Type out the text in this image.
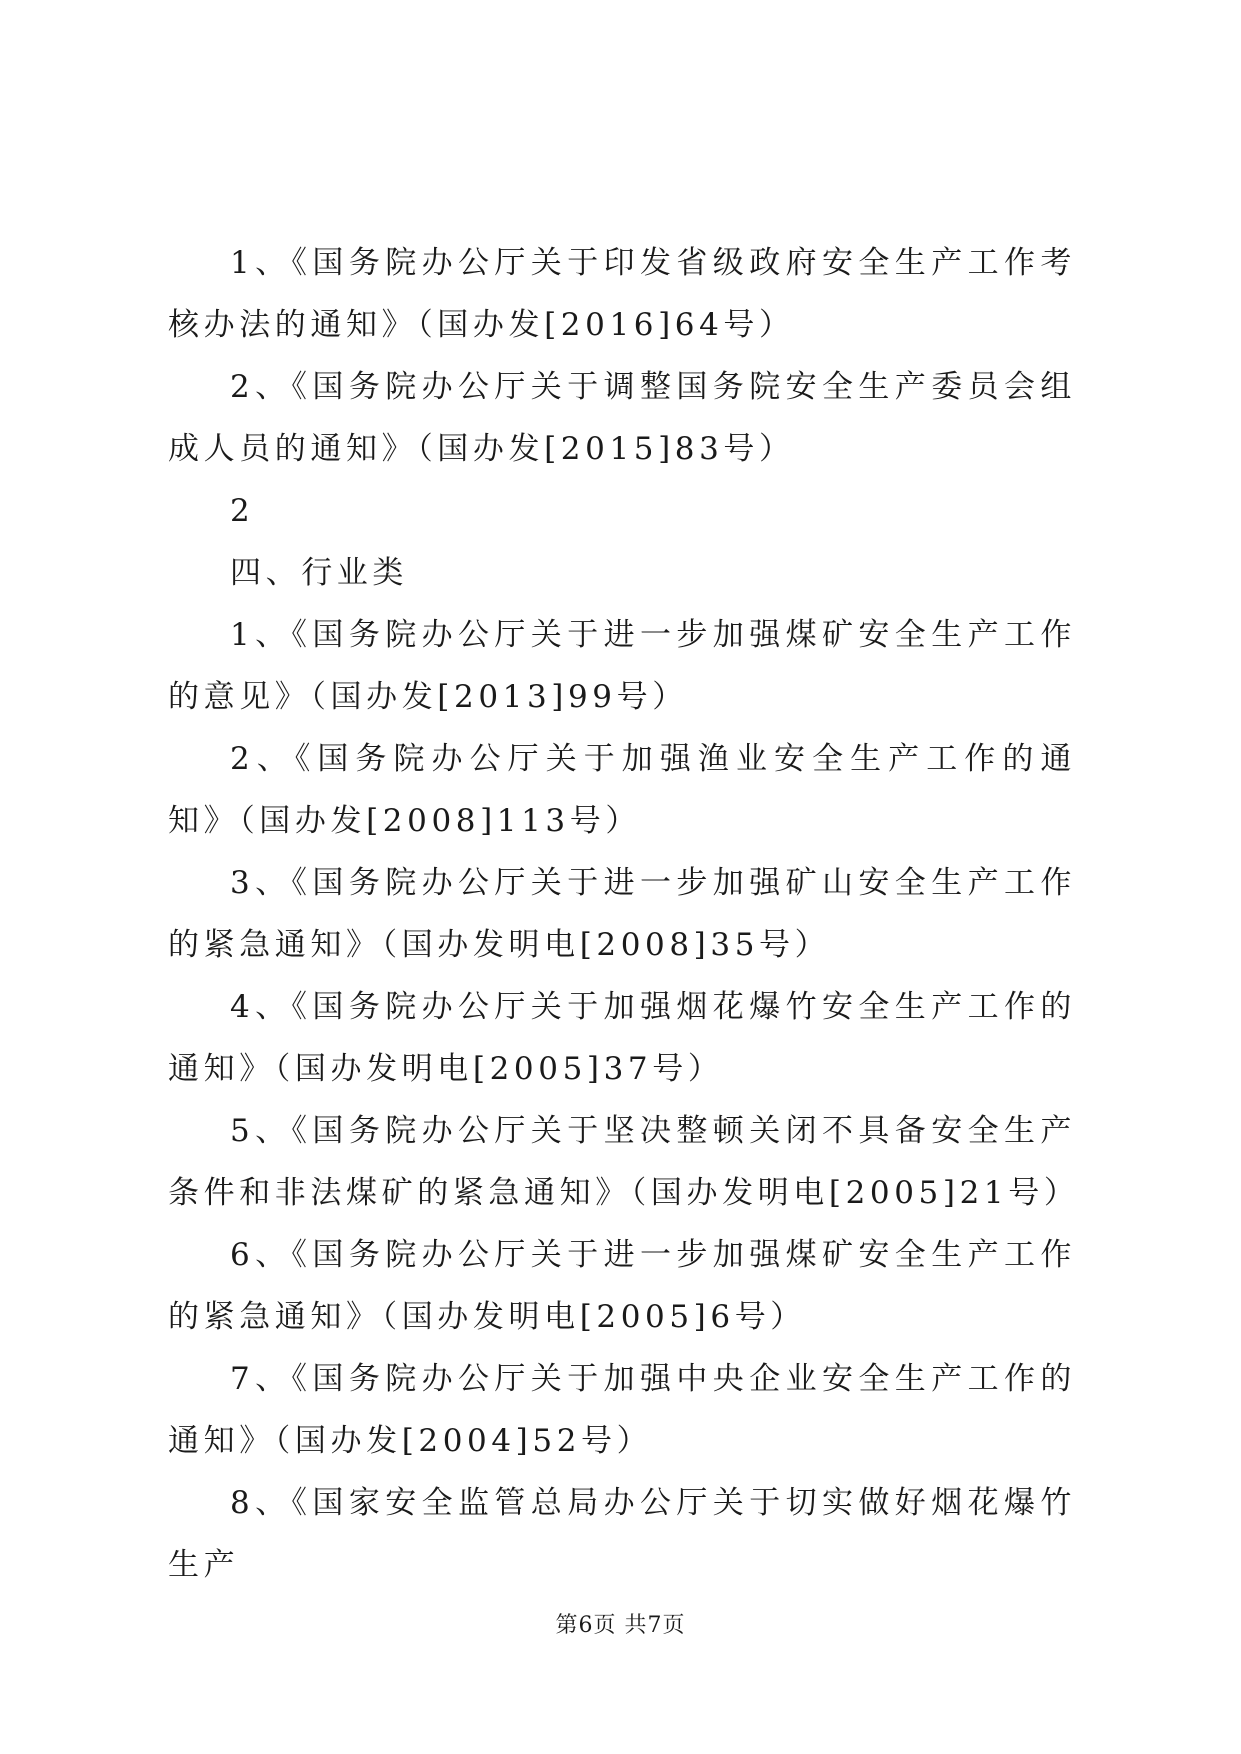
1、《国务院办公厅关于印发省级政府安全生产工作考核办法的通知》（国办发[2016]64号）

2、《国务院办公厅关于调整国务院安全生产委员会组成人员的通知》（国办发[2015]83号）

2

四、行业类

1、《国务院办公厅关于进一步加强煤矿安全生产工作的意见》（国办发[2013]99号）

2、《国务院办公厅关于加强渔业安全生产工作的通知》（国办发[2008]113号）

3、《国务院办公厅关于进一步加强矿山安全生产工作的紧急通知》（国办发明电[2008]35号）

4、《国务院办公厅关于加强烟花爆竹安全生产工作的通知》（国办发明电[2005]37号）

5、《国务院办公厅关于坚决整顿关闭不具备安全生产条件和非法煤矿的紧急通知》（国办发明电[2005]21号）

6、《国务院办公厅关于进一步加强煤矿安全生产工作的紧急通知》（国办发明电[2005]6号）

7、《国务院办公厅关于加强中央企业安全生产工作的通知》（国办发[2004]52号）

8、《国家安全监管总局办公厅关于切实做好烟花爆竹生产

第6页 共7页
